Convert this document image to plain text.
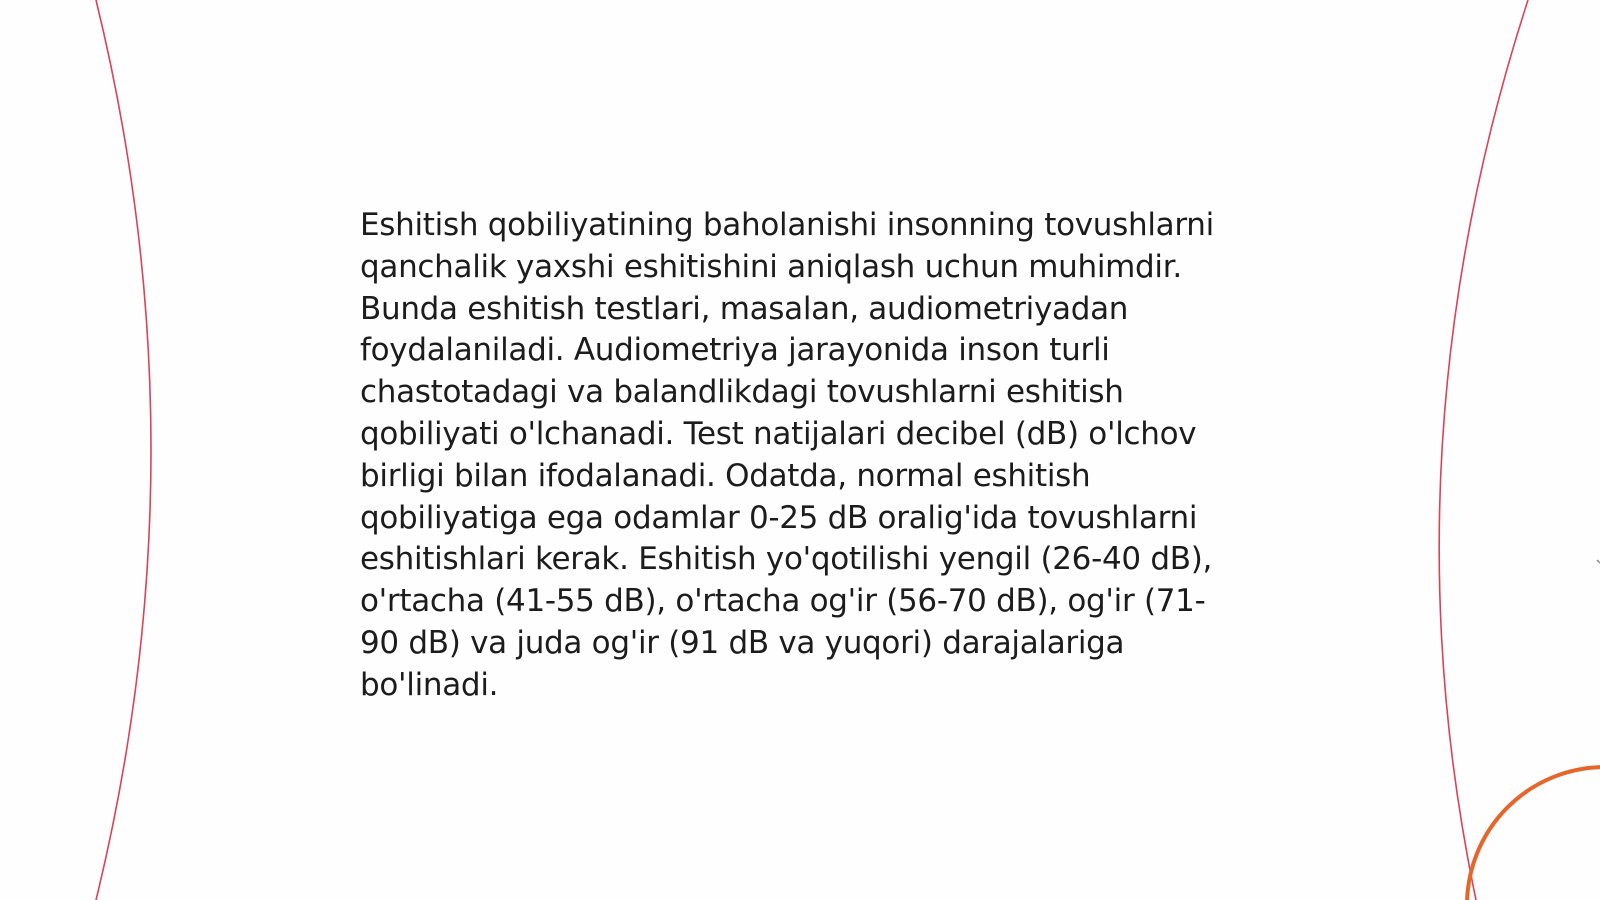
Eshitish qobiliyatining baholanishi insonning tovushlarni qanchalik yaxshi eshitishini aniqlash uchun muhimdir. Bunda eshitish testlari, masalan, audiometriyadan foydalaniladi. Audiometriya jarayonida inson turli chastotadagi va balandlikdagi tovushlarni eshitish qobiliyati o'lchanadi. Test natijalari decibel (dB) o'lchov birligi bilan ifodalanadi. Odatda, normal eshitish qobiliyatiga ega odamlar 0-25 dB oralig'ida tovushlarni eshitishlari kerak. Eshitish yo'qotilishi yengil (26-40 dB), o'rtacha (41-55 dB), o'rtacha og'ir (56-70 dB), og'ir (71-90 dB) va juda og'ir (91 dB va yuqori) darajalariga bo'linadi.
